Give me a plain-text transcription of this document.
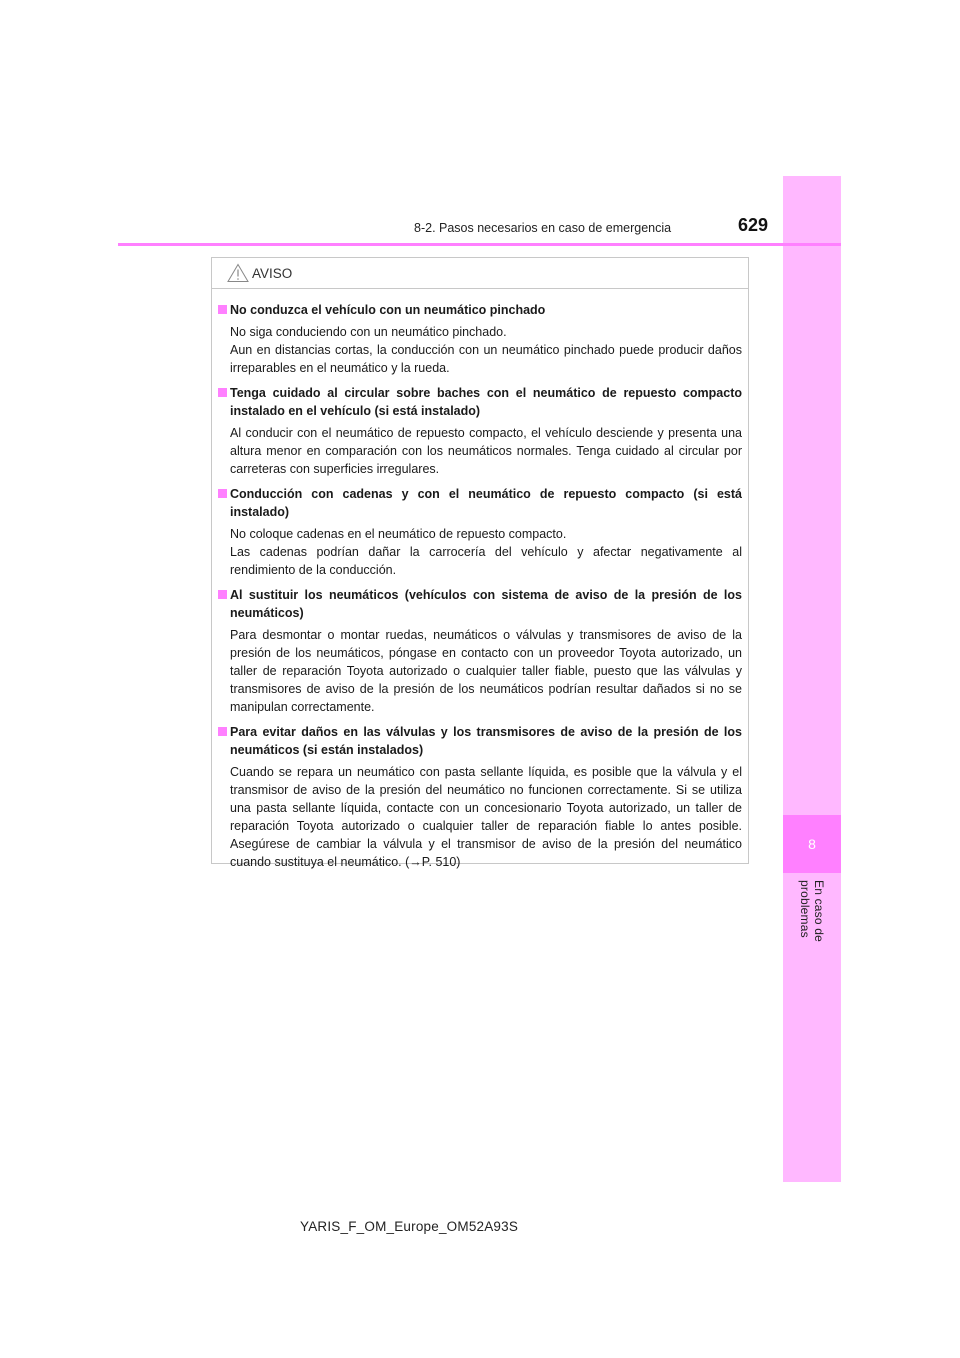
8
En caso de problemas
8-2. Pasos necesarios en caso de emergencia	629
AVISO
No conduzca el vehículo con un neumático pinchado
No siga conduciendo con un neumático pinchado.
Aun en distancias cortas, la conducción con un neumático pinchado puede producir daños irreparables en el neumático y la rueda.
Tenga cuidado al circular sobre baches con el neumático de repuesto compacto instalado en el vehículo (si está instalado)
Al conducir con el neumático de repuesto compacto, el vehículo desciende y presenta una altura menor en comparación con los neumáticos normales. Tenga cuidado al circular por carreteras con superficies irregulares.
Conducción con cadenas y con el neumático de repuesto compacto (si está instalado)
No coloque cadenas en el neumático de repuesto compacto.
Las cadenas podrían dañar la carrocería del vehículo y afectar negativamente al rendimiento de la conducción.
Al sustituir los neumáticos (vehículos con sistema de aviso de la presión de los neumáticos)
Para desmontar o montar ruedas, neumáticos o válvulas y transmisores de aviso de la presión de los neumáticos, póngase en contacto con un proveedor Toyota autorizado, un taller de reparación Toyota autorizado o cualquier taller fiable, puesto que las válvulas y transmisores de aviso de la presión de los neumáticos podrían resultar dañados si no se manipulan correctamente.
Para evitar daños en las válvulas y los transmisores de aviso de la presión de los neumáticos (si están instalados)
Cuando se repara un neumático con pasta sellante líquida, es posible que la válvula y el transmisor de aviso de la presión del neumático no funcionen correctamente. Si se utiliza una pasta sellante líquida, contacte con un concesionario Toyota autorizado, un taller de reparación Toyota autorizado o cualquier taller de reparación fiable lo antes posible. Asegúrese de cambiar la válvula y el transmisor de aviso de la presión del neumático cuando sustituya el neumático. (→P. 510)
YARIS_F_OM_Europe_OM52A93S
